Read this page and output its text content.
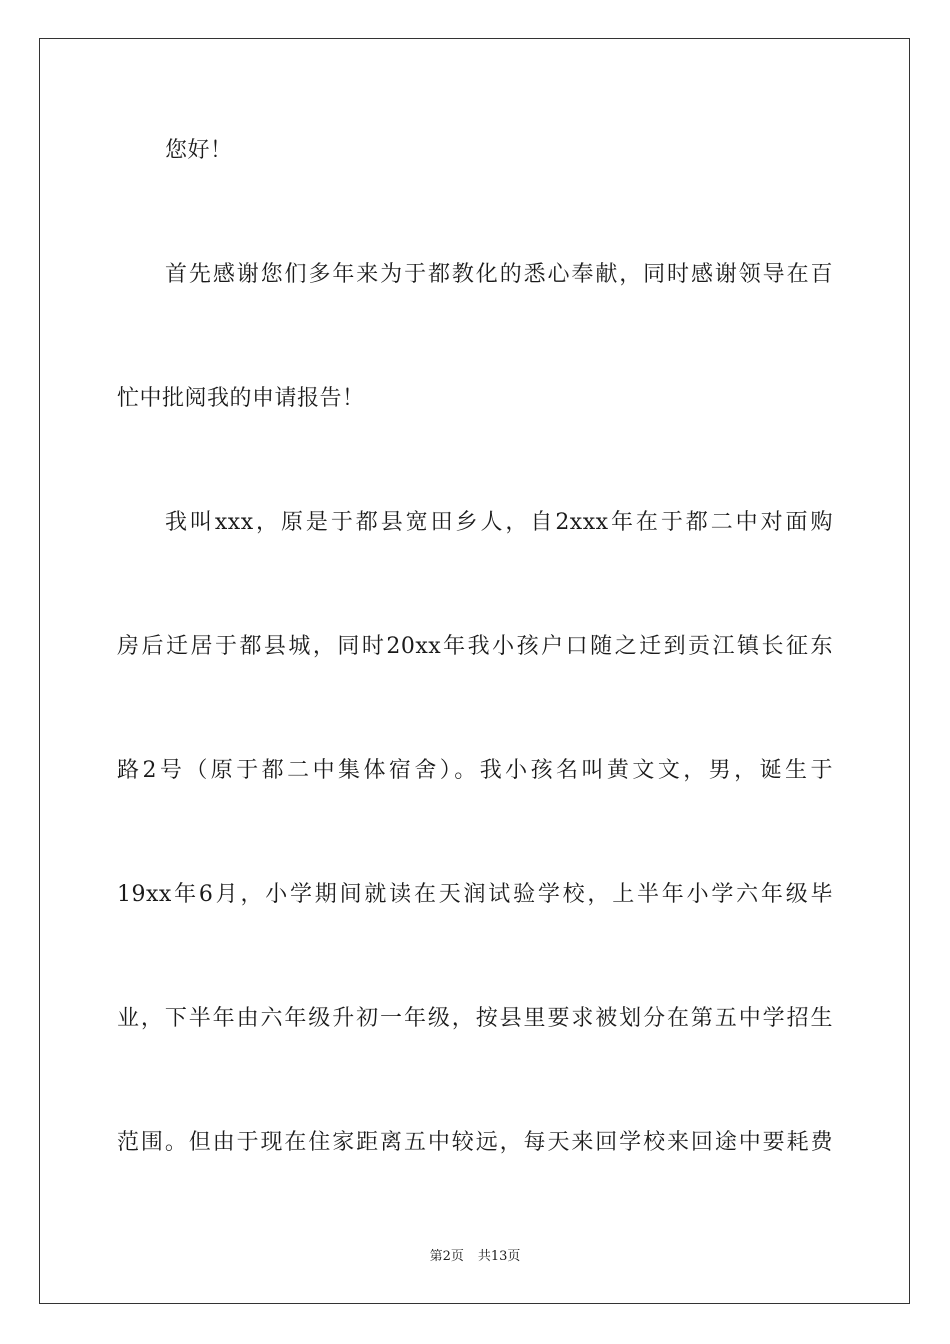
您好！
首先感谢您们多年来为于都教化的悉心奉献，同时感谢领导在百
忙中批阅我的申请报告！
我叫xxx，原是于都县宽田乡人，自2xxx年在于都二中对面购
房后迁居于都县城，同时20xx年我小孩户口随之迁到贡江镇长征东
路2号（原于都二中集体宿舍）。我小孩名叫黄文文，男，诞生于
19xx年6月，小学期间就读在天润试验学校，上半年小学六年级毕
业，下半年由六年级升初一年级，按县里要求被划分在第五中学招生
范围。但由于现在住家距离五中较远，每天来回学校来回途中要耗费
第2页 共13页
